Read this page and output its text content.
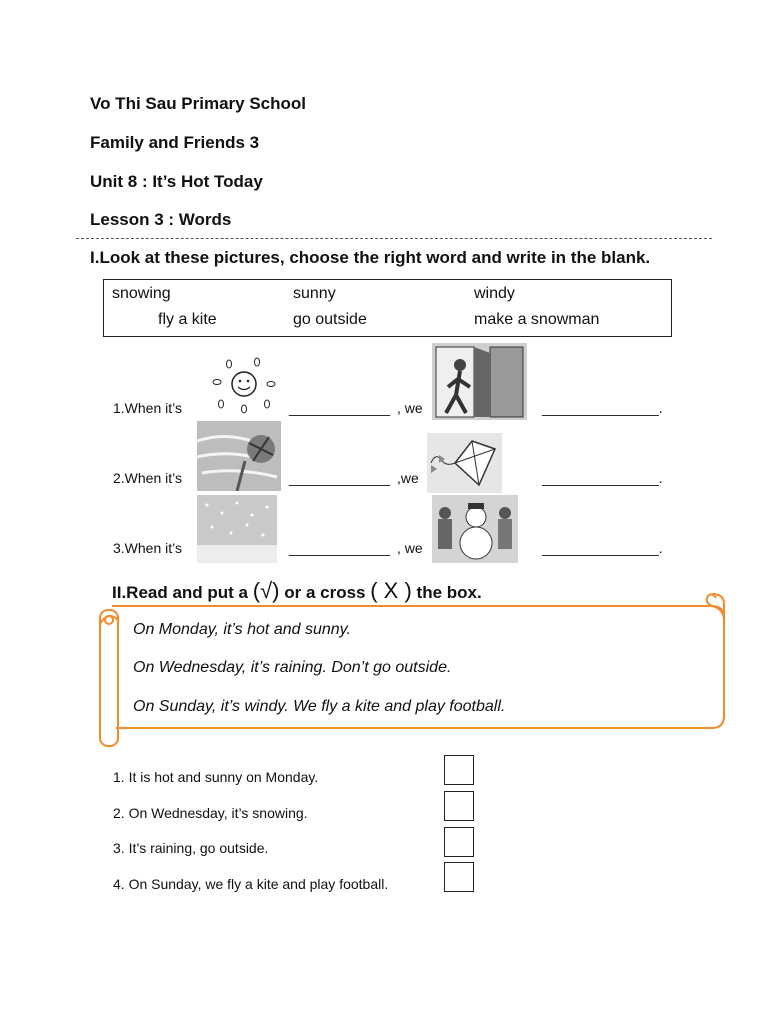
Vo Thi Sau Primary School
Family and Friends 3
Unit 8 : It’s Hot Today
Lesson 3 : Words
I.Look at these pictures, choose the right word and write in the blank.
snowing	sunny	windy
fly a kite	go outside	make a snowman
1.When it’s	_____________ , we	_______________.
2.When it’s	_____________ ,we	_______________.
3.When it’s	_____________ , we	_______________.
II.Read and put a (√) or a cross ( X ) the box.
On Monday, it’s hot and sunny.
On Wednesday, it’s raining. Don’t go outside.
On Sunday, it’s windy. We fly a kite and play football.
1. It is hot and sunny on Monday.
2. On Wednesday, it’s snowing.
3. It’s raining, go outside.
4. On Sunday, we fly a kite and play football.
